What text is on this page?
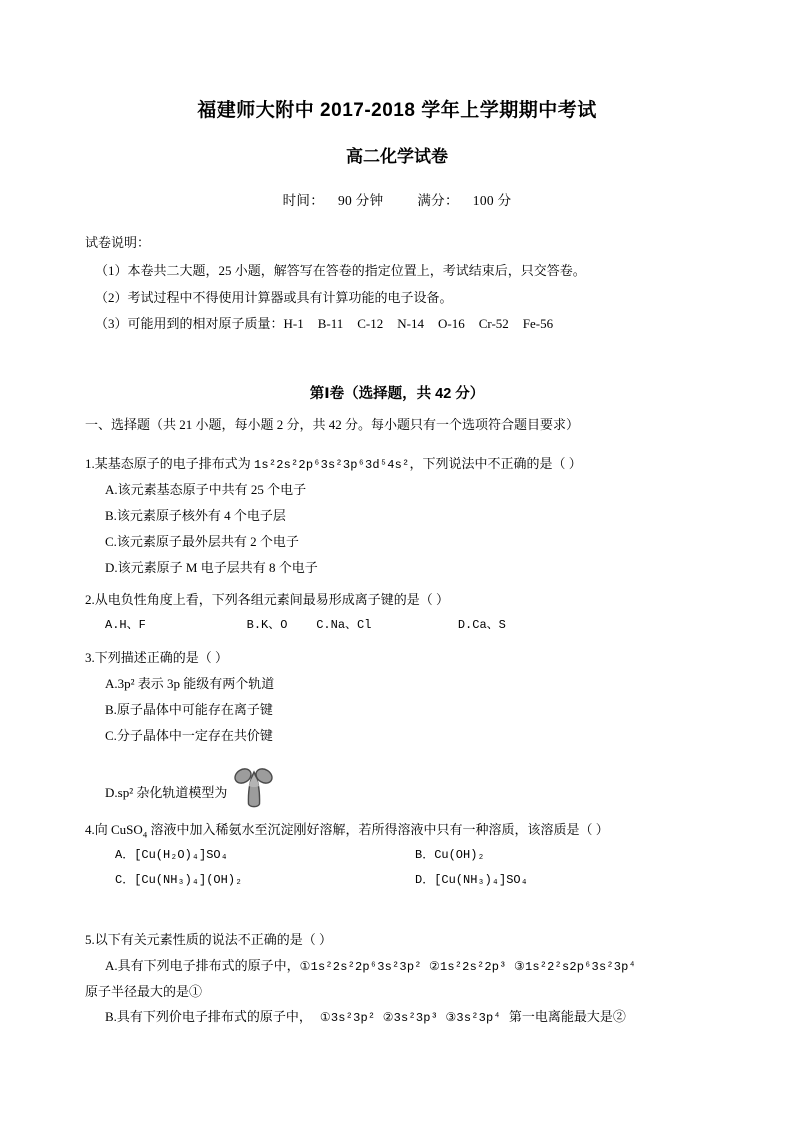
福建师大附中 2017-2018 学年上学期期中考试
高二化学试卷

时间： 90 分钟	满分： 100 分

试卷说明：

（1）本卷共二大题，25 小题，解答写在答卷的指定位置上，考试结束后，只交答卷。

（2）考试过程中不得使用计算器或具有计算功能的电子设备。

（3）可能用到的相对原子质量：H-1 B-11 C-12 N-14 O-16 Cr-52 Fe-56

第Ⅰ卷（选择题，共 42 分）

一、选择题（共 21 小题，每小题 2 分，共 42 分。每小题只有一个选项符合题目要求）

1.某基态原子的电子排布式为 1s²2s²2p⁶3s²3p⁶3d⁵4s²，下列说法中不正确的是（ ）

A.该元素基态原子中共有 25 个电子

B.该元素原子核外有 4 个电子层

C.该元素原子最外层共有 2 个电子

D.该元素原子 M 电子层共有 8 个电子

2.从电负性角度上看，下列各组元素间最易形成离子键的是（ ）

A.H、F              B.K、O    C.Na、Cl            D.Ca、S

3.下列描述正确的是（ ）

A.3p² 表示 3p 能级有两个轨道

B.原子晶体中可能存在离子键

C.分子晶体中一定存在共价键

D.sp² 杂化轨道模型为

4.向 CuSO$_4$ 溶液中加入稀氨水至沉淀刚好溶解，若所得溶液中只有一种溶质，该溶质是（ ）

A．[Cu(H₂O)₄]SO₄	B．Cu(OH)₂
C．[Cu(NH₃)₄](OH)₂	D．[Cu(NH₃)₄]SO₄

5.以下有关元素性质的说法不正确的是（ ）

A.具有下列电子排布式的原子中，①1s²2s²2p⁶3s²3p² ②1s²2s²2p³ ③1s²2²s2p⁶3s²3p⁴

原子半径最大的是①

B.具有下列价电子排布式的原子中， ①3s²3p² ②3s²3p³ ③3s²3p⁴ 第一电离能最大是②
